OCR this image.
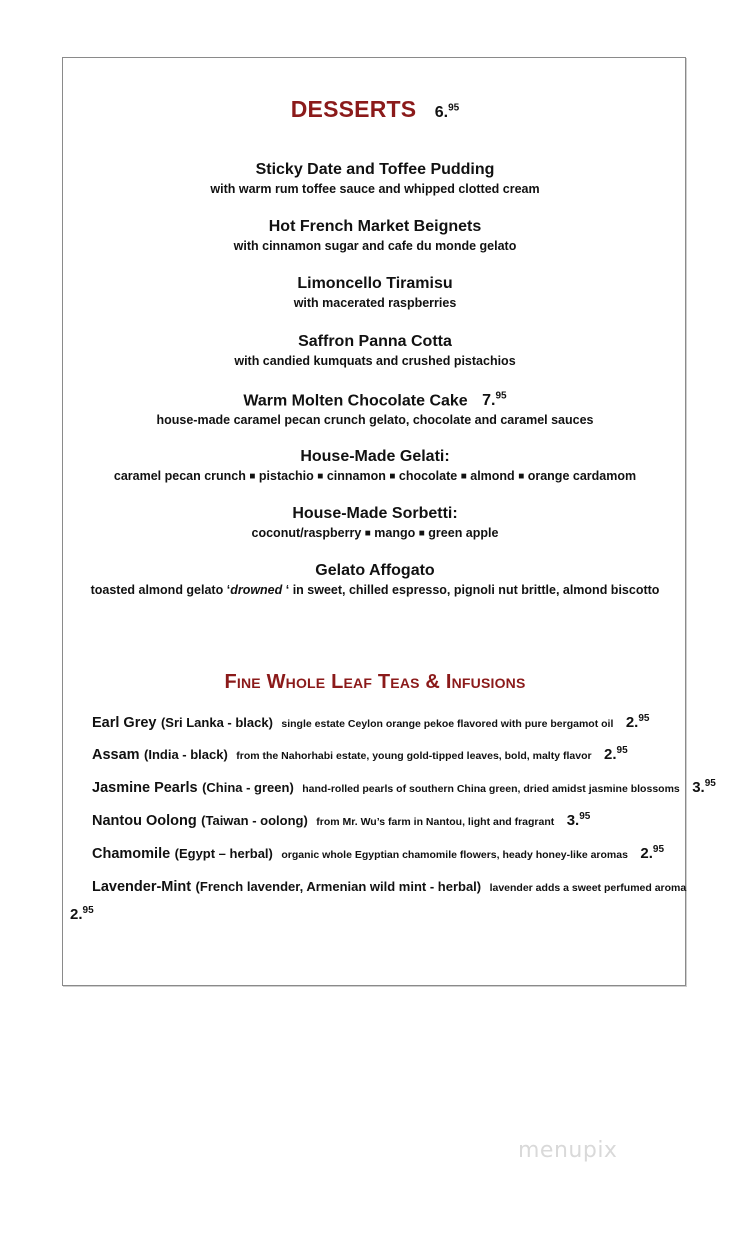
DESSERTS 6.95
Sticky Date and Toffee Pudding
with warm rum toffee sauce and whipped clotted cream
Hot French Market Beignets
with cinnamon sugar and cafe du monde gelato
Limoncello Tiramisu
with macerated raspberries
Saffron Panna Cotta
with candied kumquats and crushed pistachios
Warm Molten Chocolate Cake 7.95
house-made caramel pecan crunch gelato, chocolate and caramel sauces
House-Made Gelati:
caramel pecan crunch ■ pistachio ■ cinnamon ■ chocolate ■ almond ■ orange cardamom
House-Made Sorbetti:
coconut/raspberry ■ mango ■ green apple
Gelato Affogato
toasted almond gelato ‘drowned ‘ in sweet, chilled espresso, pignoli nut brittle, almond biscotto
Fine Whole Leaf Teas & Infusions
Earl Grey (Sri Lanka - black) single estate Ceylon orange pekoe flavored with pure bergamot oil 2.95
Assam (India - black) from the Nahorhabi estate, young gold-tipped leaves, bold, malty flavor 2.95
Jasmine Pearls (China - green) hand-rolled pearls of southern China green, dried amidst jasmine blossoms 3.95
Nantou Oolong (Taiwan - oolong) from Mr. Wu’s farm in Nantou, light and fragrant 3.95
Chamomile (Egypt – herbal) organic whole Egyptian chamomile flowers, heady honey-like aromas 2.95
Lavender-Mint (French lavender, Armenian wild mint - herbal) lavender adds a sweet perfumed aroma
2.95
menupix
